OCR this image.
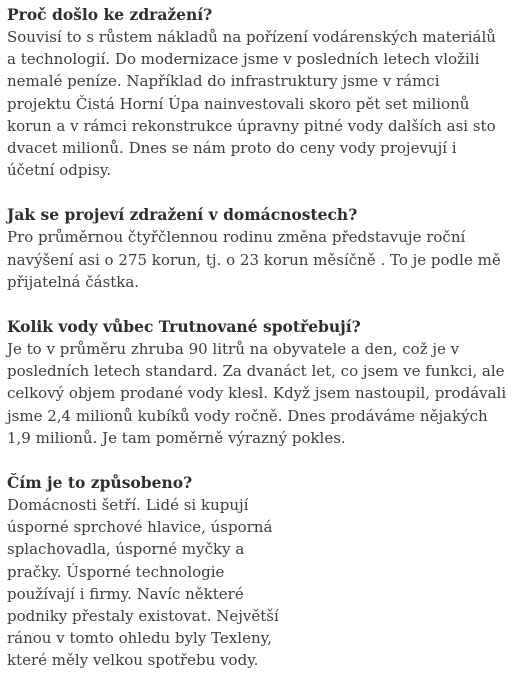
Proč došlo ke zdražení?

Souvisí to s růstem nákladů na pořízení vodárenských materiálů a technologií. Do modernizace jsme v posledních letech vložili nemalé peníze. Například do infrastruktury jsme v rámci projektu Čistá Horní Úpa nainvestovali skoro pět set milionů korun a v rámci rekonstrukce úpravny pitné vody dalších asi sto dvacet milionů. Dnes se nám proto do ceny vody projevují i účetní odpisy.

Jak se projeví zdražení v domácnostech?

Pro průměrnou čtyřčlennou rodinu změna představuje roční navýšení asi o 275 korun, tj. o 23 korun měsíčně . To je podle mě přijatelná částka.

Kolik vody vůbec Trutnované spotřebují?

Je to v průměru zhruba 90 litrů na obyvatele a den, což je v posledních letech standard. Za dvanáct let, co jsem ve funkci, ale celkový objem prodané vody klesl. Když jsem nastoupil, prodávali jsme 2,4 milionů kubíků vody ročně. Dnes prodáváme nějakých 1,9 milionů. Je tam poměrně výrazný pokles.

Čím je to způsobeno?

Domácnosti šetří. Lidé si kupují úsporné sprchové hlavice, úsporná splachovadla, úsporné myčky a pračky. Úsporné technologie používají i firmy. Navíc některé podniky přestaly existovat. Největší ránou v tomto ohledu byly Texleny, které měly velkou spotřebu vody.
